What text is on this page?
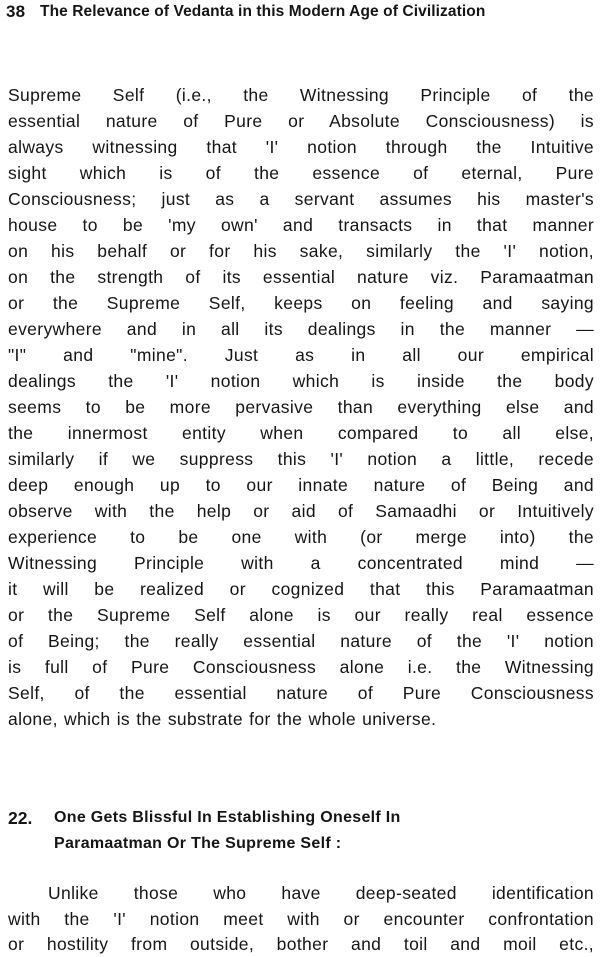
38 The Relevance of Vedanta in this Modern Age of Civilization
Supreme Self (i.e., the Witnessing Principle of the
essential nature of Pure or Absolute Consciousness) is
always witnessing that 'I' notion through the Intuitive
sight which is of the essence of eternal, Pure
Consciousness; just as a servant assumes his master's
house to be 'my own' and transacts in that manner
on his behalf or for his sake, similarly the 'I' notion,
on the strength of its essential nature viz. Paramaatman
or the Supreme Self, keeps on feeling and saying
everywhere and in all its dealings in the manner —
"I" and "mine". Just as in all our empirical
dealings the 'I' notion which is inside the body
seems to be more pervasive than everything else and
the innermost entity when compared to all else,
similarly if we suppress this 'I' notion a little, recede
deep enough up to our innate nature of Being and
observe with the help or aid of Samaadhi or Intuitively
experience to be one with (or merge into) the
Witnessing Principle with a concentrated mind —
it will be realized or cognized that this Paramaatman
or the Supreme Self alone is our really real essence
of Being; the really essential nature of the 'I' notion
is full of Pure Consciousness alone i.e. the Witnessing
Self, of the essential nature of Pure Consciousness
alone, which is the substrate for the whole universe.
22. One Gets Blissful In Establishing Oneself In
Paramaatman Or The Supreme Self :
Unlike those who have deep-seated identification
with the 'I' notion meet with or encounter confrontation
or hostility from outside, bother and toil and moil etc.,
